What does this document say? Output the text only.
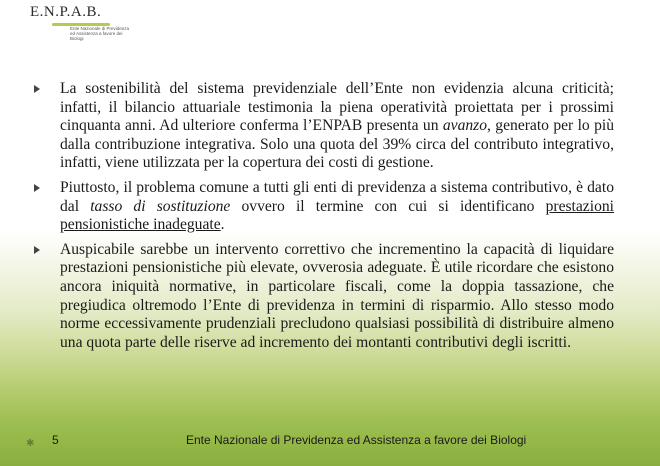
E.N.P.A.B.
Ente Nazionale di Previdenza ed Assistenza a favore dei Biologi
La sostenibilità del sistema previdenziale dell’Ente non evidenzia alcuna criticità; infatti, il bilancio attuariale testimonia la piena operatività proiettata per i prossimi cinquanta anni. Ad ulteriore conferma l’ENPAB presenta un avanzo, generato per lo più dalla contribuzione integrativa. Solo una quota del 39% circa del contributo integrativo, infatti, viene utilizzata per la copertura dei costi di gestione.
Piuttosto, il problema comune a tutti gli enti di previdenza a sistema contributivo, è dato dal tasso di sostituzione ovvero il termine con cui si identificano prestazioni pensionistiche inadeguate.
Auspicabile sarebbe un intervento correttivo che incrementino la capacità di liquidare prestazioni pensionistiche più elevate, ovverosia adeguate. È utile ricordare che esistono ancora iniquità normative, in particolare fiscali, come la doppia tassazione, che pregiudica oltremodo l’Ente di previdenza in termini di risparmio. Allo stesso modo norme eccessivamente prudenziali precludono qualsiasi possibilità di distribuire almeno una quota parte delle riserve ad incremento dei montanti contributivi degli iscritti.
✱ 5	Ente Nazionale di Previdenza ed Assistenza a favore dei Biologi
